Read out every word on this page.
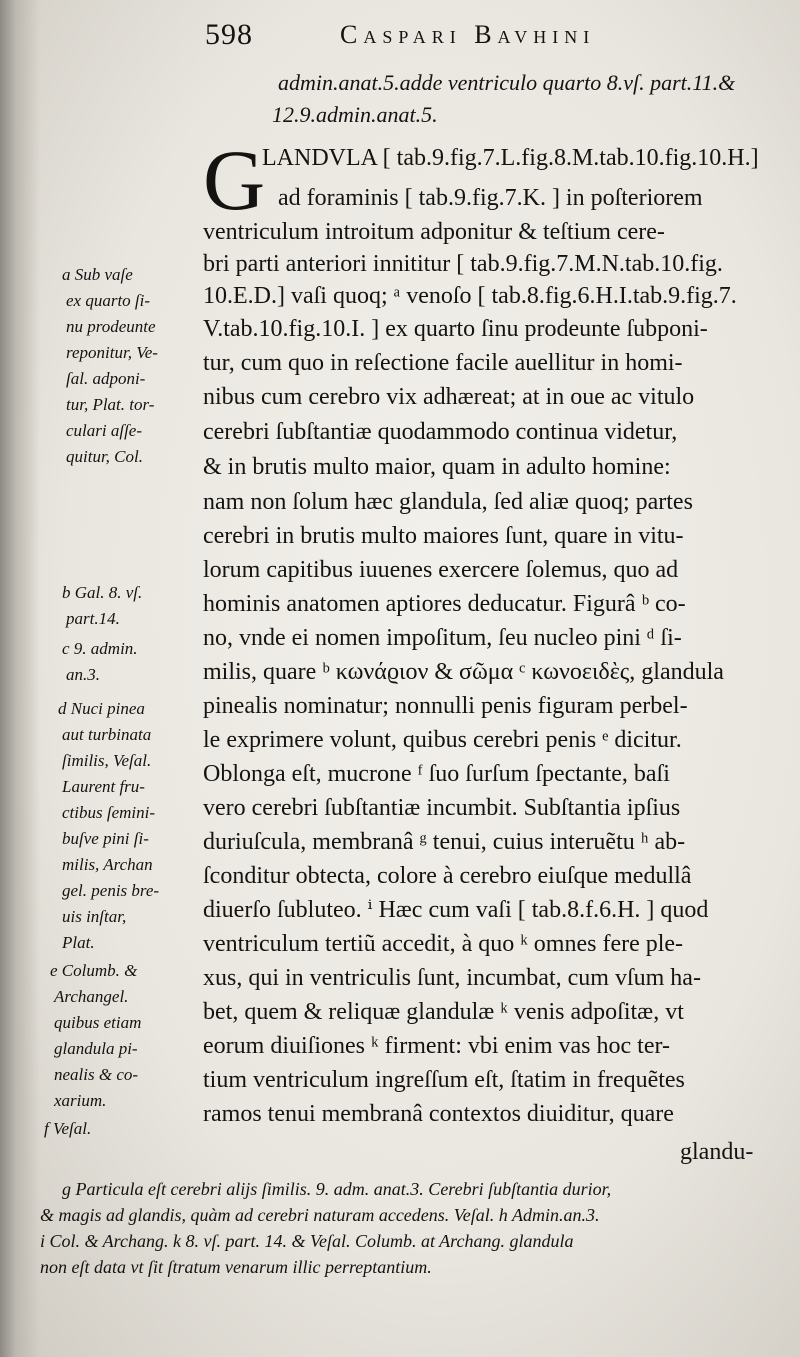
598	Caspari Bavhini
admin.anat.5.adde ventriculo quarto 8.vſ. part.11.&
12.9.admin.anat.5.
G
LANDVLA [ tab.9.fig.7.L.fig.8.M.tab.10.fig.10.H.]
ad foraminis [ tab.9.fig.7.K. ] in poſteriorem
ventriculum introitum adponitur & teſtium cere-
bri parti anteriori innititur [ tab.9.fig.7.M.N.tab.10.fig.
10.E.D.] vaſi quoq; ᵃ venoſo [ tab.8.fig.6.H.I.tab.9.fig.7.
V.tab.10.fig.10.I. ] ex quarto ſinu prodeunte ſubponi-
tur, cum quo in reſectione facile auellitur in homi-
nibus cum cerebro vix adhæreat; at in oue ac vitulo
cerebri ſubſtantiæ quodammodo continua videtur,
& in brutis multo maior, quam in adulto homine:
nam non ſolum hæc glandula, ſed aliæ quoq; partes
cerebri in brutis multo maiores ſunt, quare in vitu-
lorum capitibus iuuenes exercere ſolemus, quo ad
hominis anatomen aptiores deducatur. Figurâ ᵇ co-
no, vnde ei nomen impoſitum, ſeu nucleo pini ᵈ ſi-
milis, quare ᵇ κωνάϱιον & σῶμα ᶜ κωνοειδὲς, glandula
pinealis nominatur; nonnulli penis figuram perbel-
le exprimere volunt, quibus cerebri penis ᵉ dicitur.
Oblonga eſt, mucrone ᶠ ſuo ſurſum ſpectante, baſi
vero cerebri ſubſtantiæ incumbit. Subſtantia ipſius
duriuſcula, membranâ ᵍ tenui, cuius interuẽtu ʰ ab-
ſconditur obtecta, colore à cerebro eiuſque medullâ
diuerſo ſubluteo. ⁱ Hæc cum vaſi [ tab.8.f.6.H. ] quod
ventriculum tertiũ accedit, à quo ᵏ omnes fere ple-
xus, qui in ventriculis ſunt, incumbat, cum vſum ha-
bet, quem & reliquæ glandulæ ᵏ venis adpoſitæ, vt
eorum diuiſiones ᵏ firment: vbi enim vas hoc ter-
tium ventriculum ingreſſum eſt, ſtatim in frequẽtes
ramos tenui membranâ contextos diuiditur, quare
glandu-
a Sub vaſe
ex quarto ſi-
nu prodeunte
reponitur, Ve-
ſal. adponi-
tur, Plat. tor-
culari aſſe-
quitur, Col.
b Gal. 8. vſ.
part.14.
c 9. admin.
an.3.
d Nuci pinea
aut turbinata
ſimilis, Veſal.
Laurent fru-
ctibus ſemini-
buſve pini ſi-
milis, Archan
gel. penis bre-
uis inſtar,
Plat.
e Columb. &
Archangel.
quibus etiam
glandula pi-
nealis & co-
xarium.
f Veſal.
g Particula eſt cerebri alijs ſimilis. 9. adm. anat.3. Cerebri ſubſtantia durior,
& magis ad glandis, quàm ad cerebri naturam accedens. Veſal. h Admin.an.3.
i Col. & Archang. k 8. vſ. part. 14. & Veſal. Columb. at Archang. glandula
non eſt data vt ſit ſtratum venarum illic perreptantium.
